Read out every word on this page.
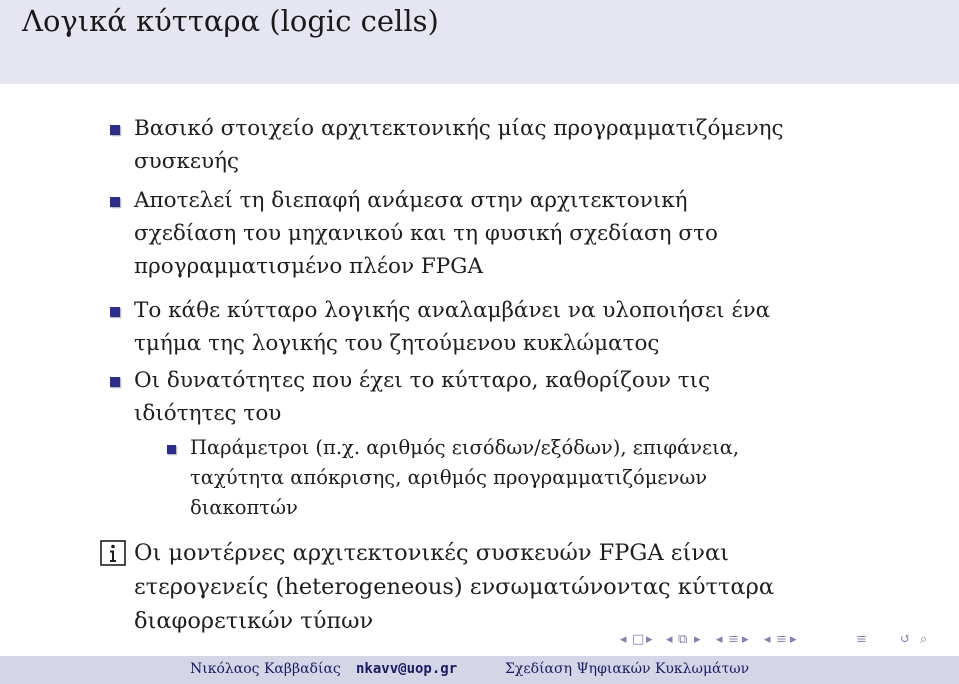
Λογικά κύτταρα (logic cells)
Βασικό στοιχείο αρχιτεκτονικής μίας προγραμματιζόμενης
συσκευής
Αποτελεί τη διεπαφή ανάμεσα στην αρχιτεκτονική
σχεδίαση του μηχανικού και τη φυσική σχεδίαση στο
προγραμματισμένο πλέον FPGA
Το κάθε κύτταρο λογικής αναλαμβάνει να υλοποιήσει ένα
τμήμα της λογικής του ζητούμενου κυκλώματος
Οι δυνατότητες που έχει το κύτταρο, καθορίζουν τις
ιδιότητες του
Παράμετροι (π.χ. αριθμός εισόδων/εξόδων), επιφάνεια,
ταχύτητα απόκρισης, αριθμός προγραμματιζόμενων
διακοπτών
Οι μοντέρνες αρχιτεκτονικές συσκευών FPGA είναι
ετερογενείς (heterogeneous) ενσωματώνοντας κύτταρα
διαφορετικών τύπων
◂ □ ▸ ◂ ⧉ ▸ ◂ ≡ ▸ ◂ ≡ ▸	≡	↺ ⌕
Νικόλαος Καββαδίας nkavv@uop.gr	Σχεδίαση Ψηφιακών Κυκλωμάτων
